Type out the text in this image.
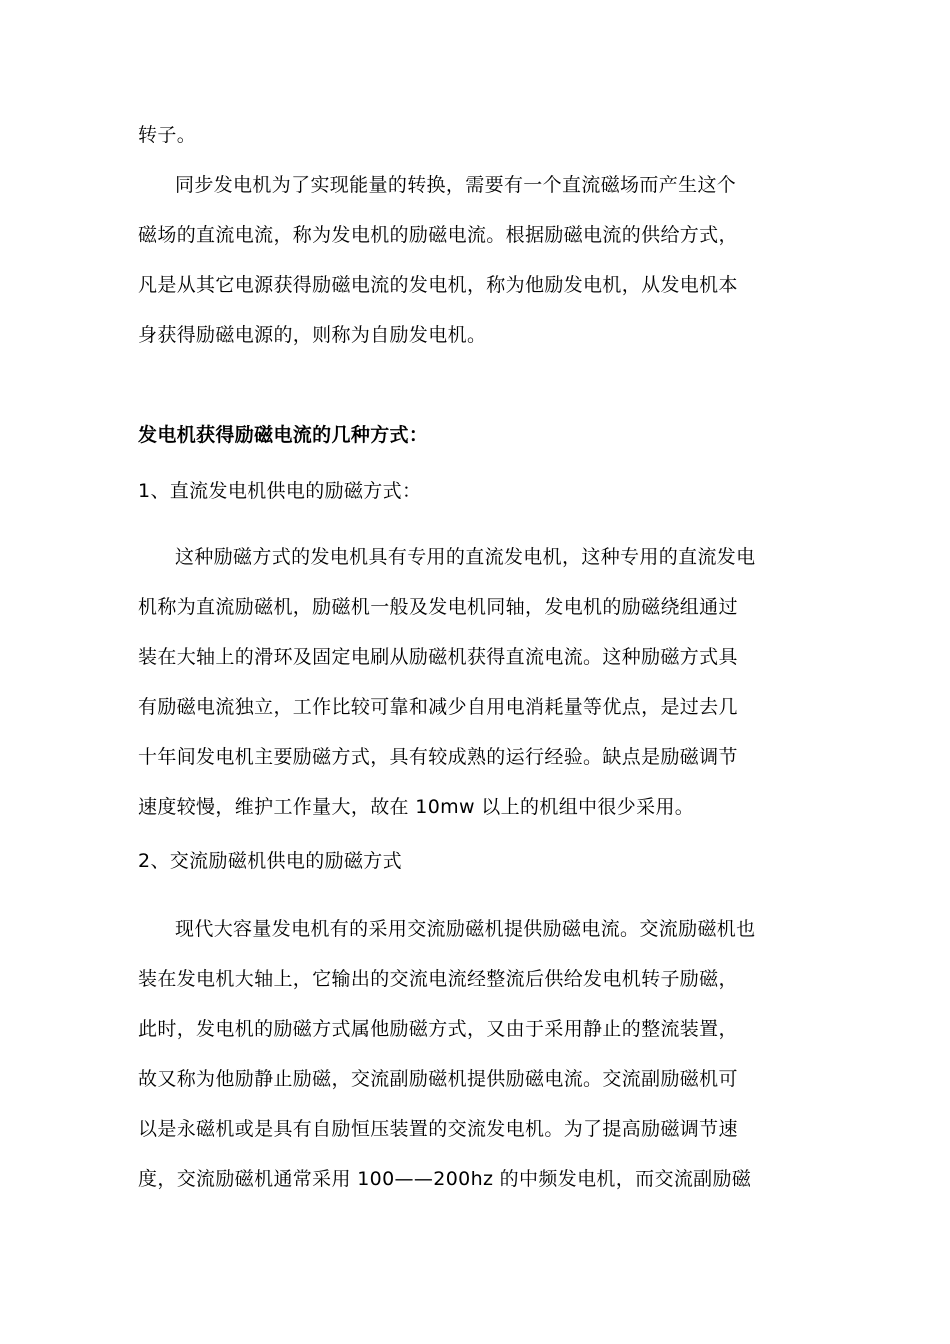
转子。
同步发电机为了实现能量的转换，需要有一个直流磁场而产生这个
磁场的直流电流，称为发电机的励磁电流。根据励磁电流的供给方式，
凡是从其它电源获得励磁电流的发电机，称为他励发电机，从发电机本
身获得励磁电源的，则称为自励发电机。
发电机获得励磁电流的几种方式：
1、直流发电机供电的励磁方式：
这种励磁方式的发电机具有专用的直流发电机，这种专用的直流发电
机称为直流励磁机，励磁机一般及发电机同轴，发电机的励磁绕组通过
装在大轴上的滑环及固定电刷从励磁机获得直流电流。这种励磁方式具
有励磁电流独立，工作比较可靠和减少自用电消耗量等优点，是过去几
十年间发电机主要励磁方式，具有较成熟的运行经验。缺点是励磁调节
速度较慢，维护工作量大，故在 10mw 以上的机组中很少采用。
2、交流励磁机供电的励磁方式
现代大容量发电机有的采用交流励磁机提供励磁电流。交流励磁机也
装在发电机大轴上，它输出的交流电流经整流后供给发电机转子励磁，
此时，发电机的励磁方式属他励磁方式，又由于采用静止的整流装置，
故又称为他励静止励磁，交流副励磁机提供励磁电流。交流副励磁机可
以是永磁机或是具有自励恒压装置的交流发电机。为了提高励磁调节速
度，交流励磁机通常采用 100——200hz 的中频发电机，而交流副励磁
